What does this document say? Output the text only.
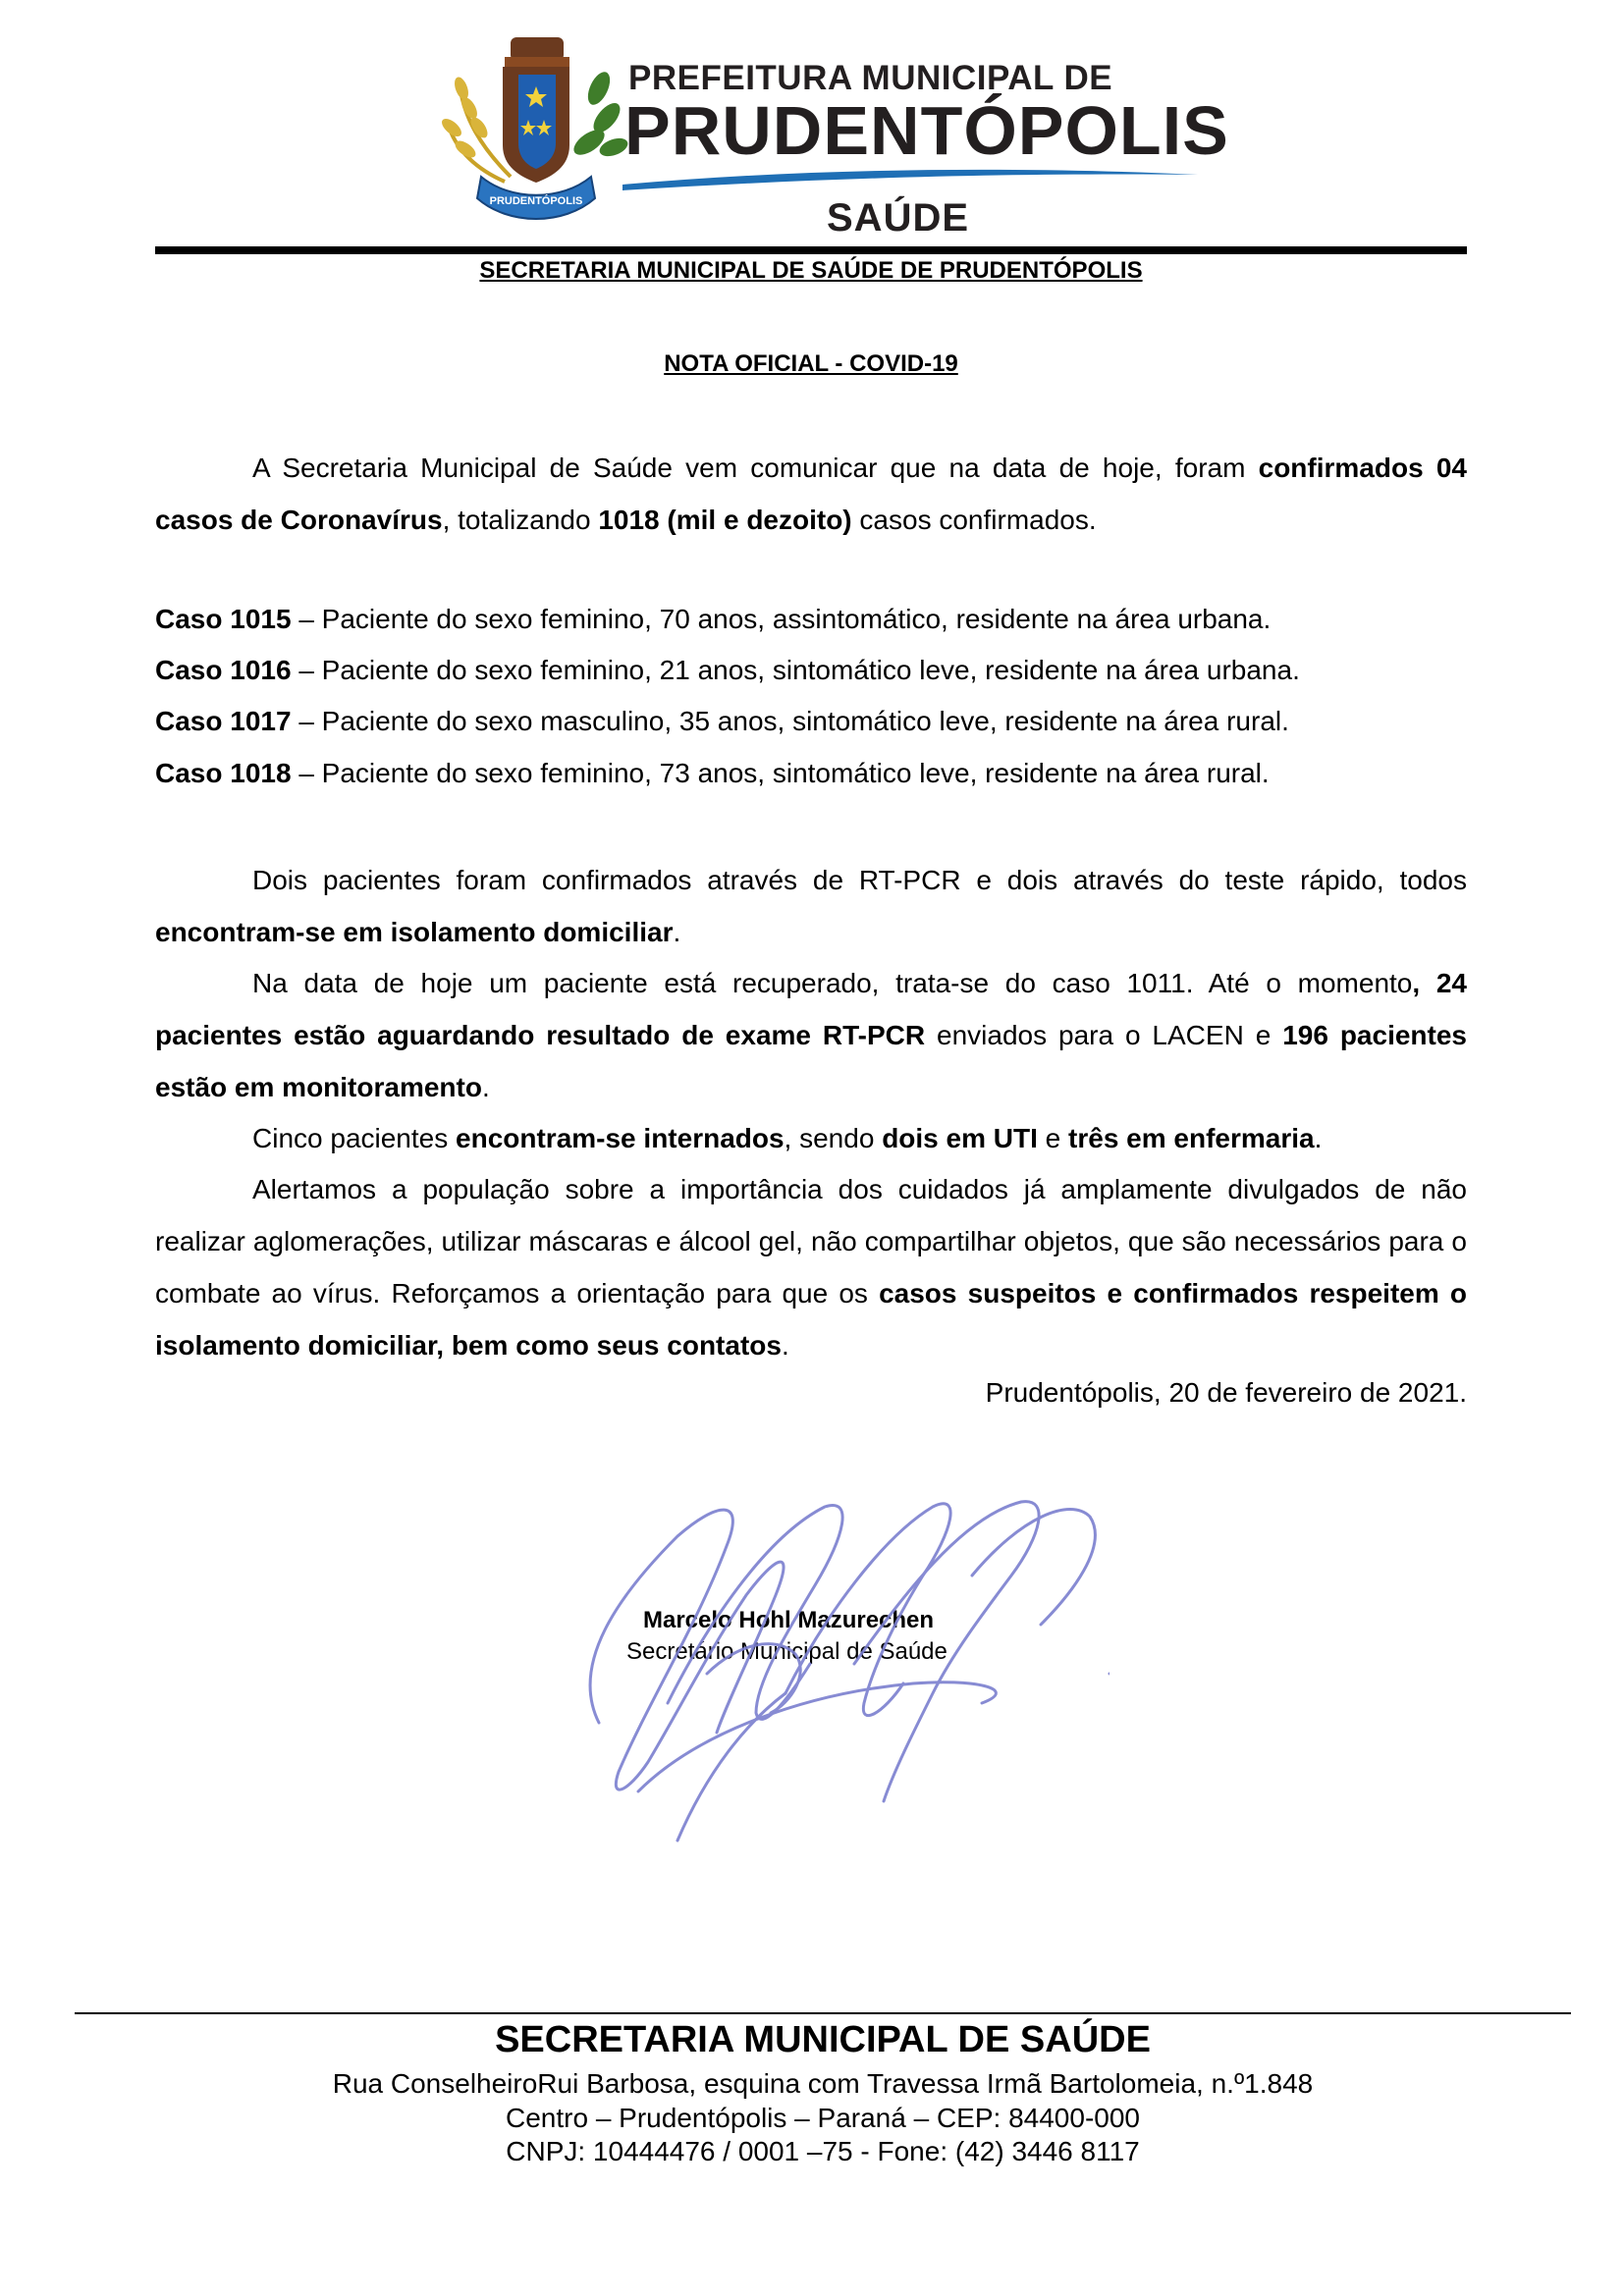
PRUDENTÓPOLIS
PREFEITURA MUNICIPAL DE
PRUDENTÓPOLIS
SAÚDE
SECRETARIA MUNICIPAL DE SAÚDE DE PRUDENTÓPOLIS
NOTA OFICIAL - COVID-19

A Secretaria Municipal de Saúde vem comunicar que na data de hoje, foram confirmados 04 casos de Coronavírus, totalizando 1018 (mil e dezoito) casos confirmados.

Caso 1015 – Paciente do sexo feminino, 70 anos, assintomático, residente na área urbana.
Caso 1016 – Paciente do sexo feminino, 21 anos, sintomático leve, residente na área urbana.
Caso 1017 – Paciente do sexo masculino, 35 anos, sintomático leve, residente na área rural.
Caso 1018 – Paciente do sexo feminino, 73 anos, sintomático leve, residente na área rural.

Dois pacientes foram confirmados através de RT-PCR e dois através do teste rápido, todos encontram-se em isolamento domiciliar.

Na data de hoje um paciente está recuperado, trata-se do caso 1011. Até o momento, 24 pacientes estão aguardando resultado de exame RT-PCR enviados para o LACEN e 196 pacientes estão em monitoramento.

Cinco pacientes encontram-se internados, sendo dois em UTI e três em enfermaria.

Alertamos a população sobre a importância dos cuidados já amplamente divulgados de não realizar aglomerações, utilizar máscaras e álcool gel, não compartilhar objetos, que são necessários para o combate ao vírus. Reforçamos a orientação para que os casos suspeitos e confirmados respeitem o isolamento domiciliar, bem como seus contatos.

Prudentópolis, 20 de fevereiro de 2021.
Marcelo Hohl Mazurechen
Secretário Municipal de Saúde
SECRETARIA MUNICIPAL DE SAÚDE
Rua ConselheiroRui Barbosa, esquina com Travessa Irmã Bartolomeia, n.º1.848
Centro – Prudentópolis – Paraná – CEP: 84400-000
CNPJ: 10444476 / 0001 –75 - Fone: (42) 3446 8117
